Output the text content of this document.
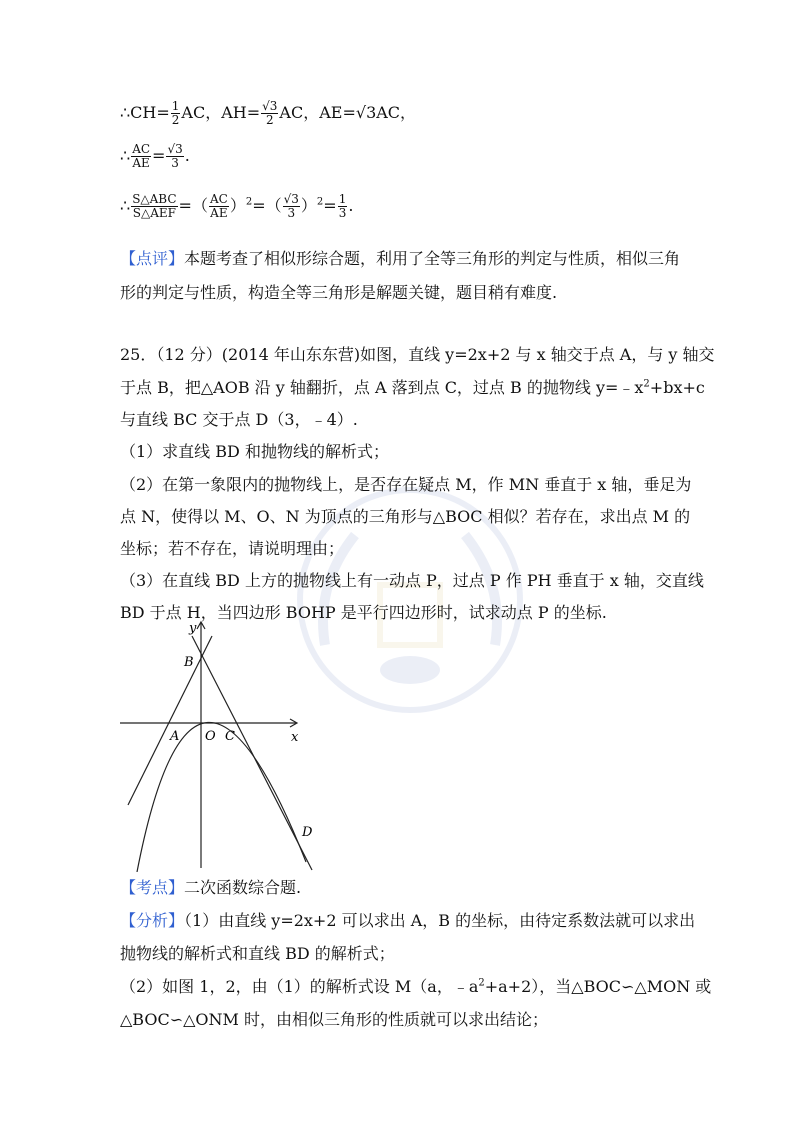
∴CH= $\frac{1}{2}$ AC，$AH= \frac{√3}{2}$ AC，AE=√3AC，
∴ $\frac{AC}{AE} = \frac{√3}{3}$ .
∴ $\frac{\text{S△ABC}}{\text{S△AEF}}$ =（ $\frac{AC}{AE} )^2=( \frac{√3}{3} )^2= \frac{1}{3}$ .
【点评】本题考查了相似形综合题，利用了全等三角形的判定与性质，相似三角
形的判定与性质，构造全等三角形是解题关键，题目稍有难度.
25．（12 分）(2014 年山东东营)如图，直线 y=2x+2 与 x 轴交于点 A，与 y 轴交
于点 B，把△AOB 沿 y 轴翻折，点 A 落到点 C，过点 B 的抛物线 $y=﹣x^2+bx+c$
与直线 BC 交于点 D（3，﹣4）.
（1）求直线 BD 和抛物线的解析式；
（2）在第一象限内的抛物线上，是否存在疑点 M，作 MN 垂直于 x 轴，垂足为
点 N，使得以 M、O、N 为顶点的三角形与△BOC 相似？若存在，求出点 M 的
坐标；若不存在，请说明理由；
（3）在直线 BD 上方的抛物线上有一动点 P，过点 P 作 PH 垂直于 x 轴，交直线
BD 于点 H，当四边形 BOHP 是平行四边形时，试求动点 P 的坐标.
y
x
B
A O C
D
【考点】二次函数综合题.
【分析】（1）由直线 y=2x+2 可以求出 A，B 的坐标，由待定系数法就可以求出
抛物线的解析式和直线 BD 的解析式；
（2）如图 1，2，由（1）的解析式设 M（a，$﹣a^2+a+2$），当△BOC∽△MON 或
△BOC∽△ONM 时，由相似三角形的性质就可以求出结论；
